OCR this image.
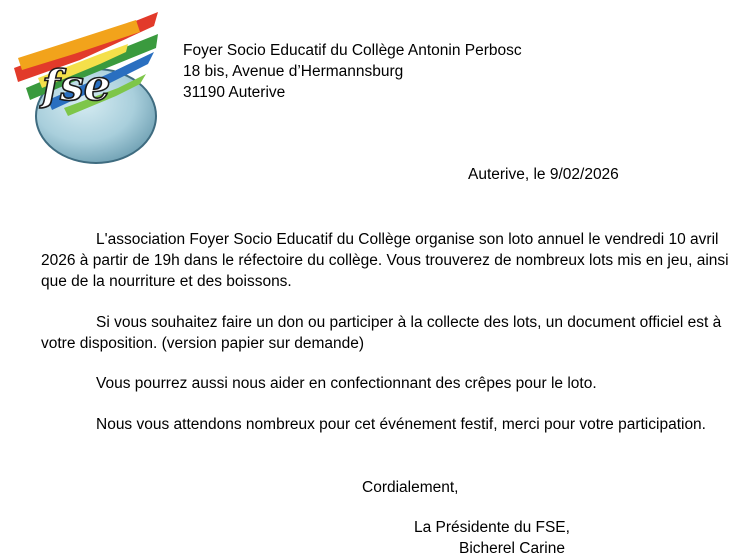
fse
Foyer Socio Educatif du Collège Antonin Perbosc
18 bis, Avenue d’Hermannsburg
31190 Auterive
Auterive, le 9/02/2026
L'association Foyer Socio Educatif du Collège organise son loto annuel le vendredi 10 avril 2026 à partir de 19h dans le réfectoire du collège. Vous trouverez de nombreux lots mis en jeu, ainsi que de la nourriture et des boissons.
Si vous souhaitez faire un don ou participer à la collecte des lots, un document officiel est à votre disposition. (version papier sur demande)
Vous pourrez aussi nous aider en confectionnant des crêpes pour le loto.
Nous vous attendons nombreux pour cet événement festif, merci pour votre participation.
Cordialement,
La Présidente du FSE,
Bicherel Carine
